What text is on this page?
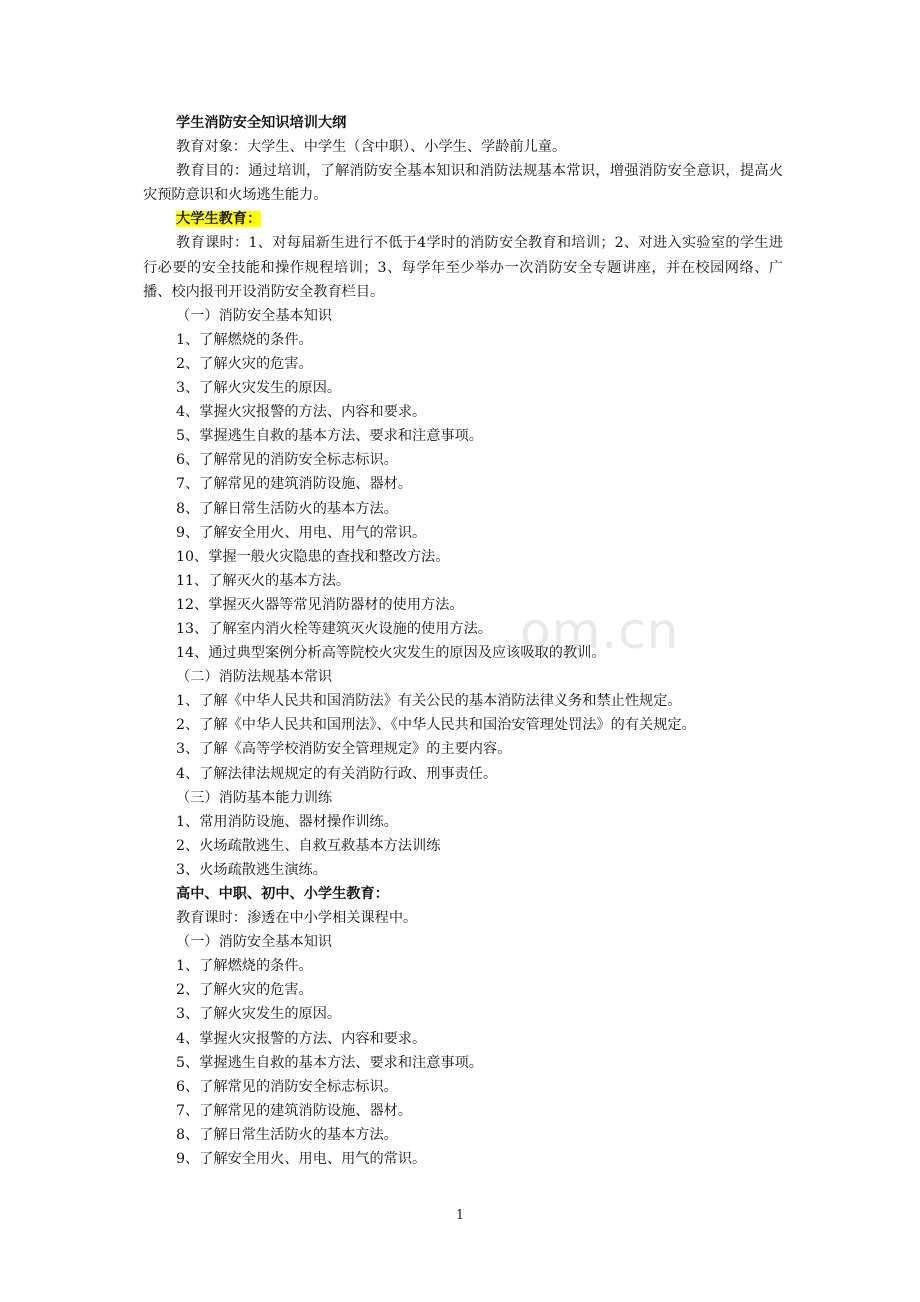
om.cn
学生消防安全知识培训大纲
教育对象：大学生、中学生（含中职）、小学生、学龄前儿童。
教育目的：通过培训，了解消防安全基本知识和消防法规基本常识，增强消防安全意识，提高火灾预防意识和火场逃生能力。
大学生教育：
教育课时：1、对每届新生进行不低于4学时的消防安全教育和培训；2、对进入实验室的学生进行必要的安全技能和操作规程培训；3、每学年至少举办一次消防安全专题讲座，并在校园网络、广播、校内报刊开设消防安全教育栏目。
（一）消防安全基本知识
1、了解燃烧的条件。
2、了解火灾的危害。
3、了解火灾发生的原因。
4、掌握火灾报警的方法、内容和要求。
5、掌握逃生自救的基本方法、要求和注意事项。
6、了解常见的消防安全标志标识。
7、了解常见的建筑消防设施、器材。
8、了解日常生活防火的基本方法。
9、了解安全用火、用电、用气的常识。
10、掌握一般火灾隐患的查找和整改方法。
11、了解灭火的基本方法。
12、掌握灭火器等常见消防器材的使用方法。
13、了解室内消火栓等建筑灭火设施的使用方法。
14、通过典型案例分析高等院校火灾发生的原因及应该吸取的教训。
（二）消防法规基本常识
1、了解《中华人民共和国消防法》有关公民的基本消防法律义务和禁止性规定。
2、了解《中华人民共和国刑法》、《中华人民共和国治安管理处罚法》的有关规定。
3、了解《高等学校消防安全管理规定》的主要内容。
4、了解法律法规规定的有关消防行政、刑事责任。
（三）消防基本能力训练
1、常用消防设施、器材操作训练。
2、火场疏散逃生、自救互救基本方法训练
3、火场疏散逃生演练。
高中、中职、初中、小学生教育：
教育课时：渗透在中小学相关课程中。
（一）消防安全基本知识
1、了解燃烧的条件。
2、了解火灾的危害。
3、了解火灾发生的原因。
4、掌握火灾报警的方法、内容和要求。
5、掌握逃生自救的基本方法、要求和注意事项。
6、了解常见的消防安全标志标识。
7、了解常见的建筑消防设施、器材。
8、了解日常生活防火的基本方法。
9、了解安全用火、用电、用气的常识。
1
